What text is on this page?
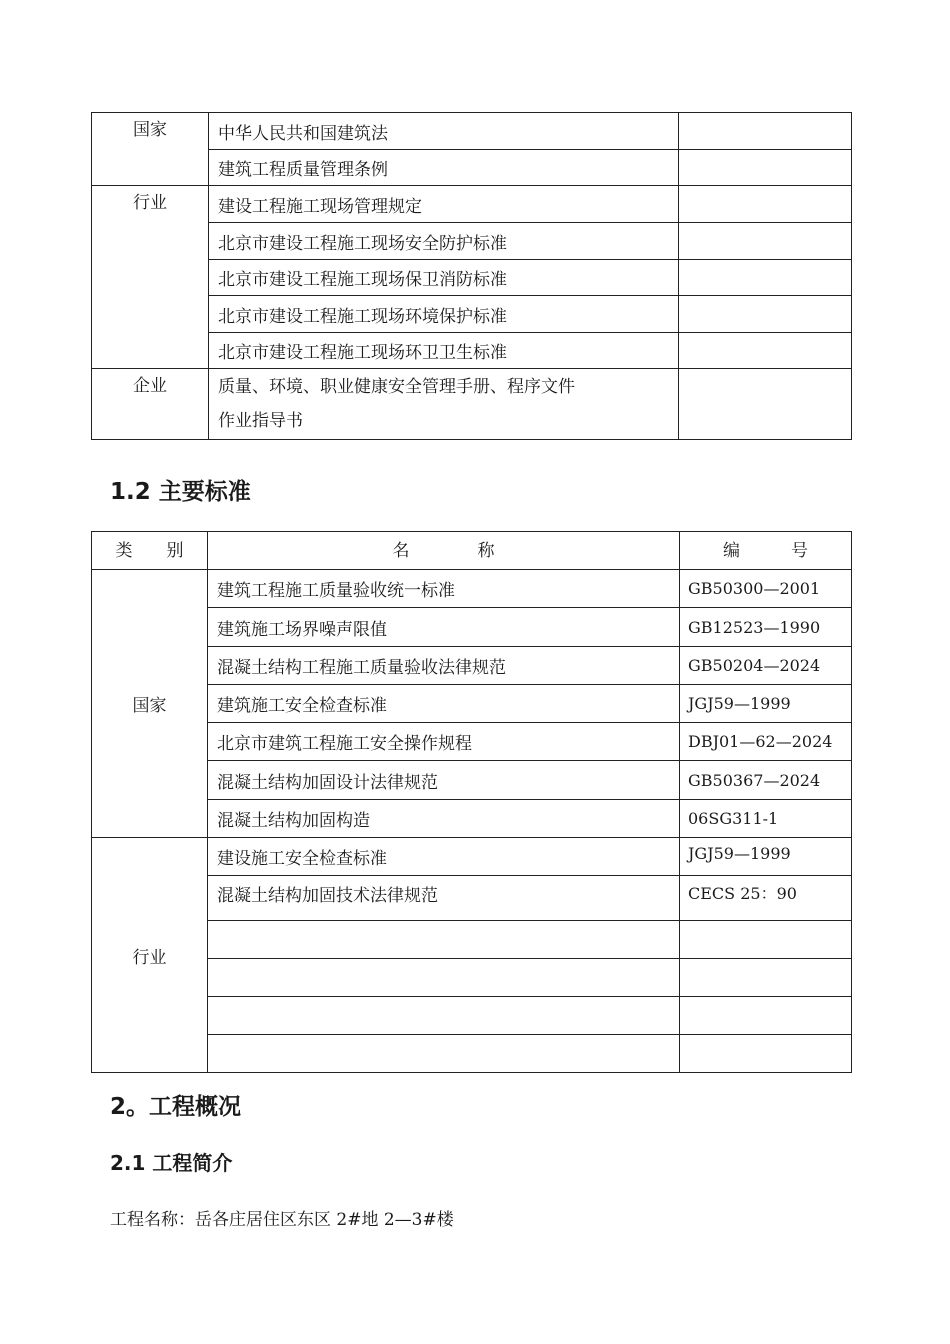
国家	中华人民共和国建筑法	
	建筑工程质量管理条例	
行业	建设工程施工现场管理规定	
	北京市建设工程施工现场安全防护标准	
	北京市建设工程施工现场保卫消防标准	
	北京市建设工程施工现场环境保护标准	
	北京市建设工程施工现场环卫卫生标准	
企业	质量、环境、职业健康安全管理手册、程序文件
作业指导书	

1.2 主要标准
类　　别	名　　　　称	编　　　号
国家	建筑工程施工质量验收统一标准	GB50300—2001
	建筑施工场界噪声限值	GB12523—1990
	混凝土结构工程施工质量验收法律规范	GB50204—2024
	建筑施工安全检查标准	JGJ59—1999
	北京市建筑工程施工安全操作规程	DBJ01—62—2024
	混凝土结构加固设计法律规范	GB50367—2024
	混凝土结构加固构造	06SG311-1
行业	建设施工安全检查标准	JGJ59—1999
	混凝土结构加固技术法律规范	CECS 25：90

2。工程概况
2.1 工程简介

工程名称：岳各庄居住区东区 2#地 2—3#楼
